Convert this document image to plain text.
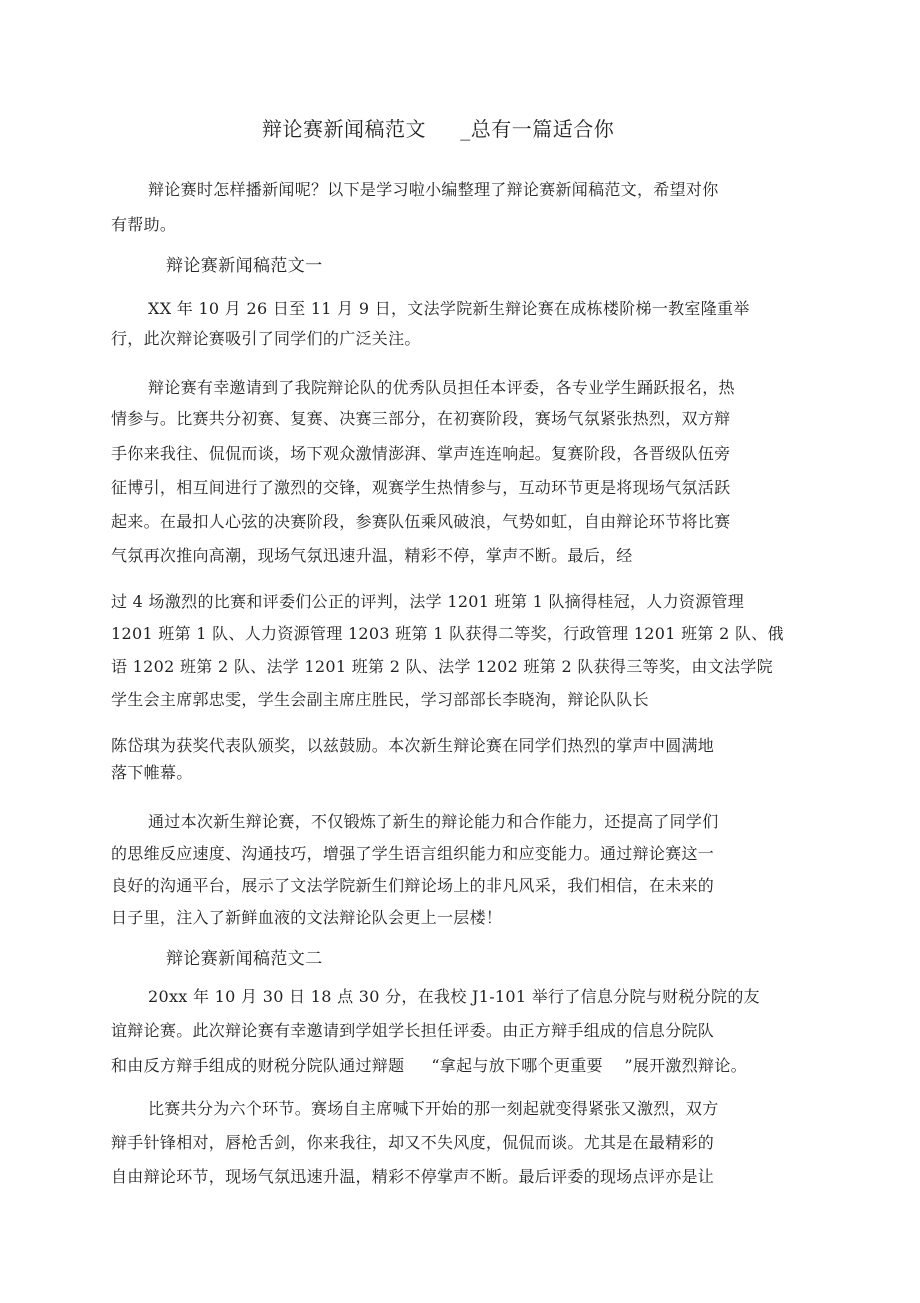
辩论赛新闻稿范文     _总有一篇适合你
辩论赛时怎样播新闻呢？以下是学习啦小编整理了辩论赛新闻稿范文，希望对你
有帮助。
辩论赛新闻稿范文一
XX 年 10 月 26 日至 11 月 9 日，文法学院新生辩论赛在成栋楼阶梯一教室隆重举
行，此次辩论赛吸引了同学们的广泛关注。
辩论赛有幸邀请到了我院辩论队的优秀队员担任本评委，各专业学生踊跃报名，热
情参与。比赛共分初赛、复赛、决赛三部分，在初赛阶段，赛场气氛紧张热烈，双方辩
手你来我往、侃侃而谈，场下观众激情澎湃、掌声连连响起。复赛阶段，各晋级队伍旁
征博引，相互间进行了激烈的交锋，观赛学生热情参与，互动环节更是将现场气氛活跃
起来。在最扣人心弦的决赛阶段，参赛队伍乘风破浪，气势如虹，自由辩论环节将比赛
气氛再次推向高潮，现场气氛迅速升温，精彩不停，掌声不断。最后，经
过 4 场激烈的比赛和评委们公正的评判，法学 1201 班第 1 队摘得桂冠，人力资源管理
1201 班第 1 队、人力资源管理 1203 班第 1 队获得二等奖，行政管理 1201 班第 2 队、俄
语 1202 班第 2 队、法学 1201 班第 2 队、法学 1202 班第 2 队获得三等奖，由文法学院
学生会主席郭忠雯，学生会副主席庄胜民，学习部部长李晓洵，辩论队队长
陈岱琪为获奖代表队颁奖，以兹鼓励。本次新生辩论赛在同学们热烈的掌声中圆满地
落下帷幕。
通过本次新生辩论赛，不仅锻炼了新生的辩论能力和合作能力，还提高了同学们
的思维反应速度、沟通技巧，增强了学生语言组织能力和应变能力。通过辩论赛这一
良好的沟通平台，展示了文法学院新生们辩论场上的非凡风采，我们相信，在未来的
日子里，注入了新鲜血液的文法辩论队会更上一层楼！
辩论赛新闻稿范文二
20xx 年 10 月 30 日 18 点 30 分，在我校 J1-101 举行了信息分院与财税分院的友
谊辩论赛。此次辩论赛有幸邀请到学姐学长担任评委。由正方辩手组成的信息分院队
和由反方辩手组成的财税分院队通过辩题     “拿起与放下哪个更重要    ”展开激烈辩论。
比赛共分为六个环节。赛场自主席喊下开始的那一刻起就变得紧张又激烈，双方
辩手针锋相对，唇枪舌剑，你来我往，却又不失风度，侃侃而谈。尤其是在最精彩的
自由辩论环节，现场气氛迅速升温，精彩不停掌声不断。最后评委的现场点评亦是让
